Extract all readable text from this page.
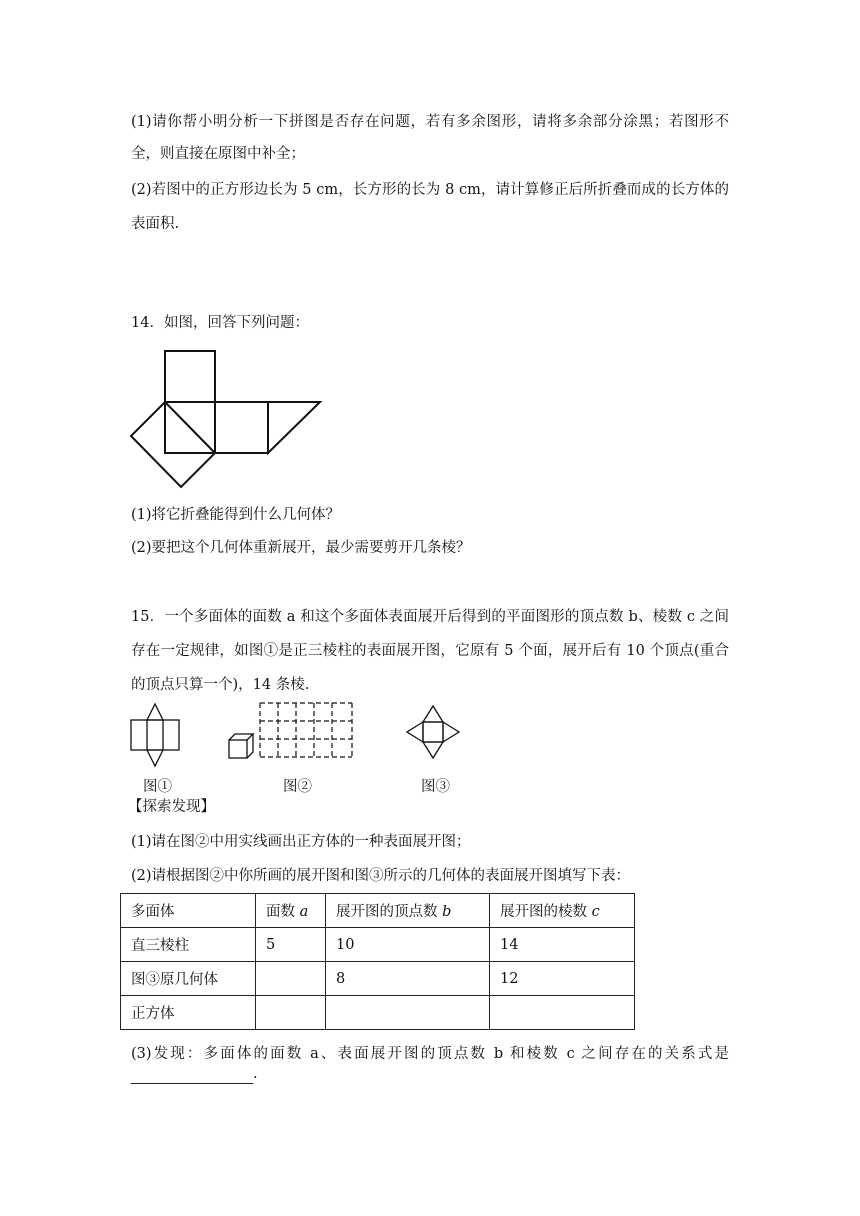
(1)请你帮小明分析一下拼图是否存在问题，若有多余图形，请将多余部分涂黑；若图形不
全，则直接在原图中补全；
(2)若图中的正方形边长为 5 cm，长方形的长为 8 cm，请计算修正后所折叠而成的长方体的
表面积.
14．如图，回答下列问题：
(1)将它折叠能得到什么几何体？
(2)要把这个几何体重新展开，最少需要剪开几条棱？
15．一个多面体的面数 a 和这个多面体表面展开后得到的平面图形的顶点数 b、棱数 c 之间
存在一定规律，如图①是正三棱柱的表面展开图，它原有 5 个面，展开后有 10 个顶点(重合
的顶点只算一个)，14 条棱.
图①	图②	图③
【探索发现】
(1)请在图②中用实线画出正方体的一种表面展开图；
(2)请根据图②中你所画的展开图和图③所示的几何体的表面展开图填写下表：
多面体	面数 a	展开图的顶点数 b	展开图的棱数 c
直三棱柱	5	10	14
图③原几何体		8	12
正方体			
(3)发现：多面体的面数 a、表面展开图的顶点数 b 和棱数 c 之间存在的关系式是
.
